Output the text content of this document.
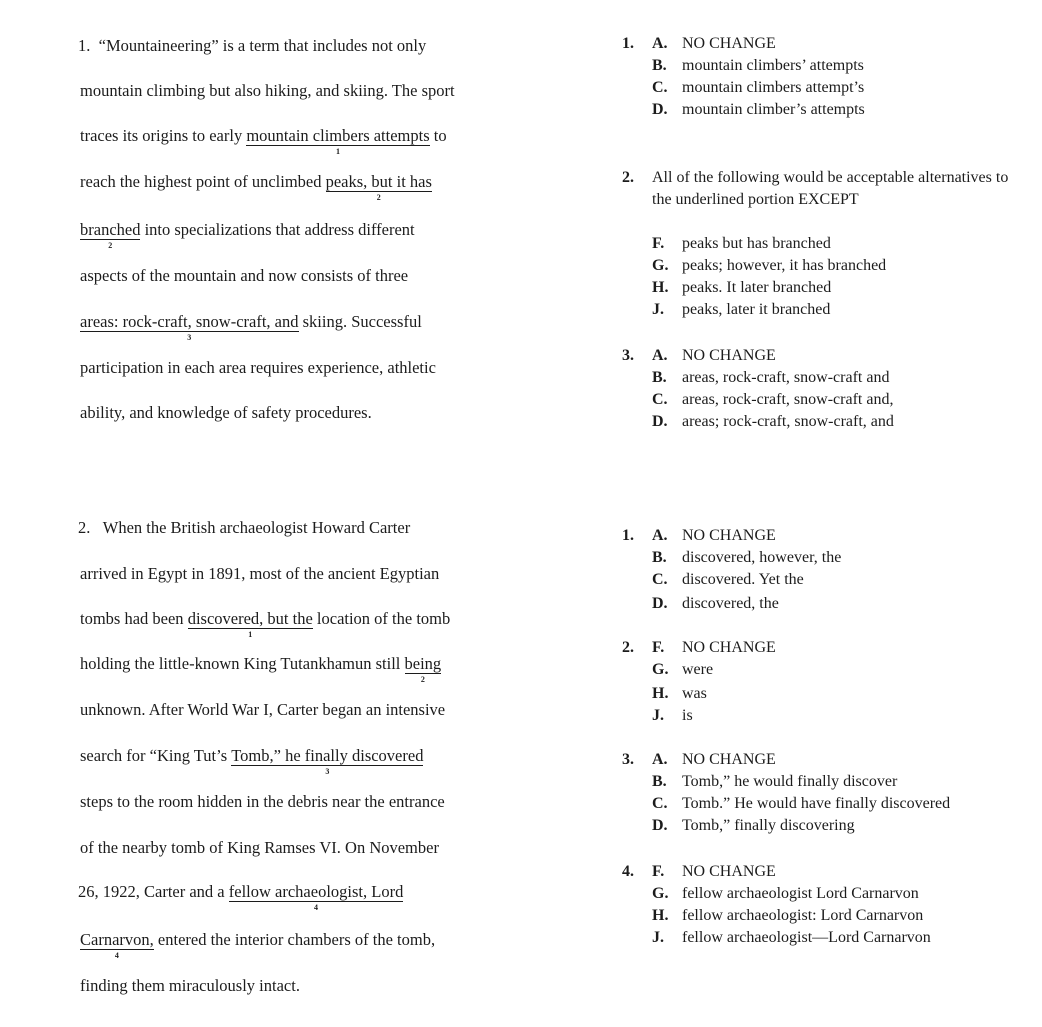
1. “Mountaineering” is a term that includes not only
mountain climbing but also hiking, and skiing. The sport
traces its origins to early mountain climbers attempts
1
to
reach the highest point of unclimbed peaks, but it has
2
branched
2
into specializations that address different
aspects of the mountain and now consists of three
areas: rock-craft, snow-craft, and
3
skiing. Successful
participation in each area requires experience, athletic
ability, and knowledge of safety procedures.
1.	A. NO CHANGE
B. mountain climbers’ attempts
C. mountain climbers attempt’s
D. mountain climber’s attempts
2.	All of the following would be acceptable alternatives to the underlined portion EXCEPT
F. peaks but has branched
G. peaks; however, it has branched
H. peaks. It later branched
J. peaks, later it branched
3.	A. NO CHANGE
B. areas, rock-craft, snow-craft and
C. areas, rock-craft, snow-craft and,
D. areas; rock-craft, snow-craft, and
2. When the British archaeologist Howard Carter
arrived in Egypt in 1891, most of the ancient Egyptian
tombs had been discovered, but the
1
location of the tomb
holding the little-known King Tutankhamun still being
2
unknown. After World War I, Carter began an intensive
search for “King Tut’s Tomb,” he finally discovered
3
steps to the room hidden in the debris near the entrance
of the nearby tomb of King Ramses VI. On November
26, 1922, Carter and a fellow archaeologist, Lord
4
Carnarvon,
4
entered the interior chambers of the tomb,
finding them miraculously intact.
1.	A. NO CHANGE
B. discovered, however, the
C. discovered. Yet the
D. discovered, the
2.	F. NO CHANGE
G. were
H. was
J. is
3.	A. NO CHANGE
B. Tomb,” he would finally discover
C. Tomb.” He would have finally discovered
D. Tomb,” finally discovering
4.	F. NO CHANGE
G. fellow archaeologist Lord Carnarvon
H. fellow archaeologist: Lord Carnarvon
J. fellow archaeologist—Lord Carnarvon
